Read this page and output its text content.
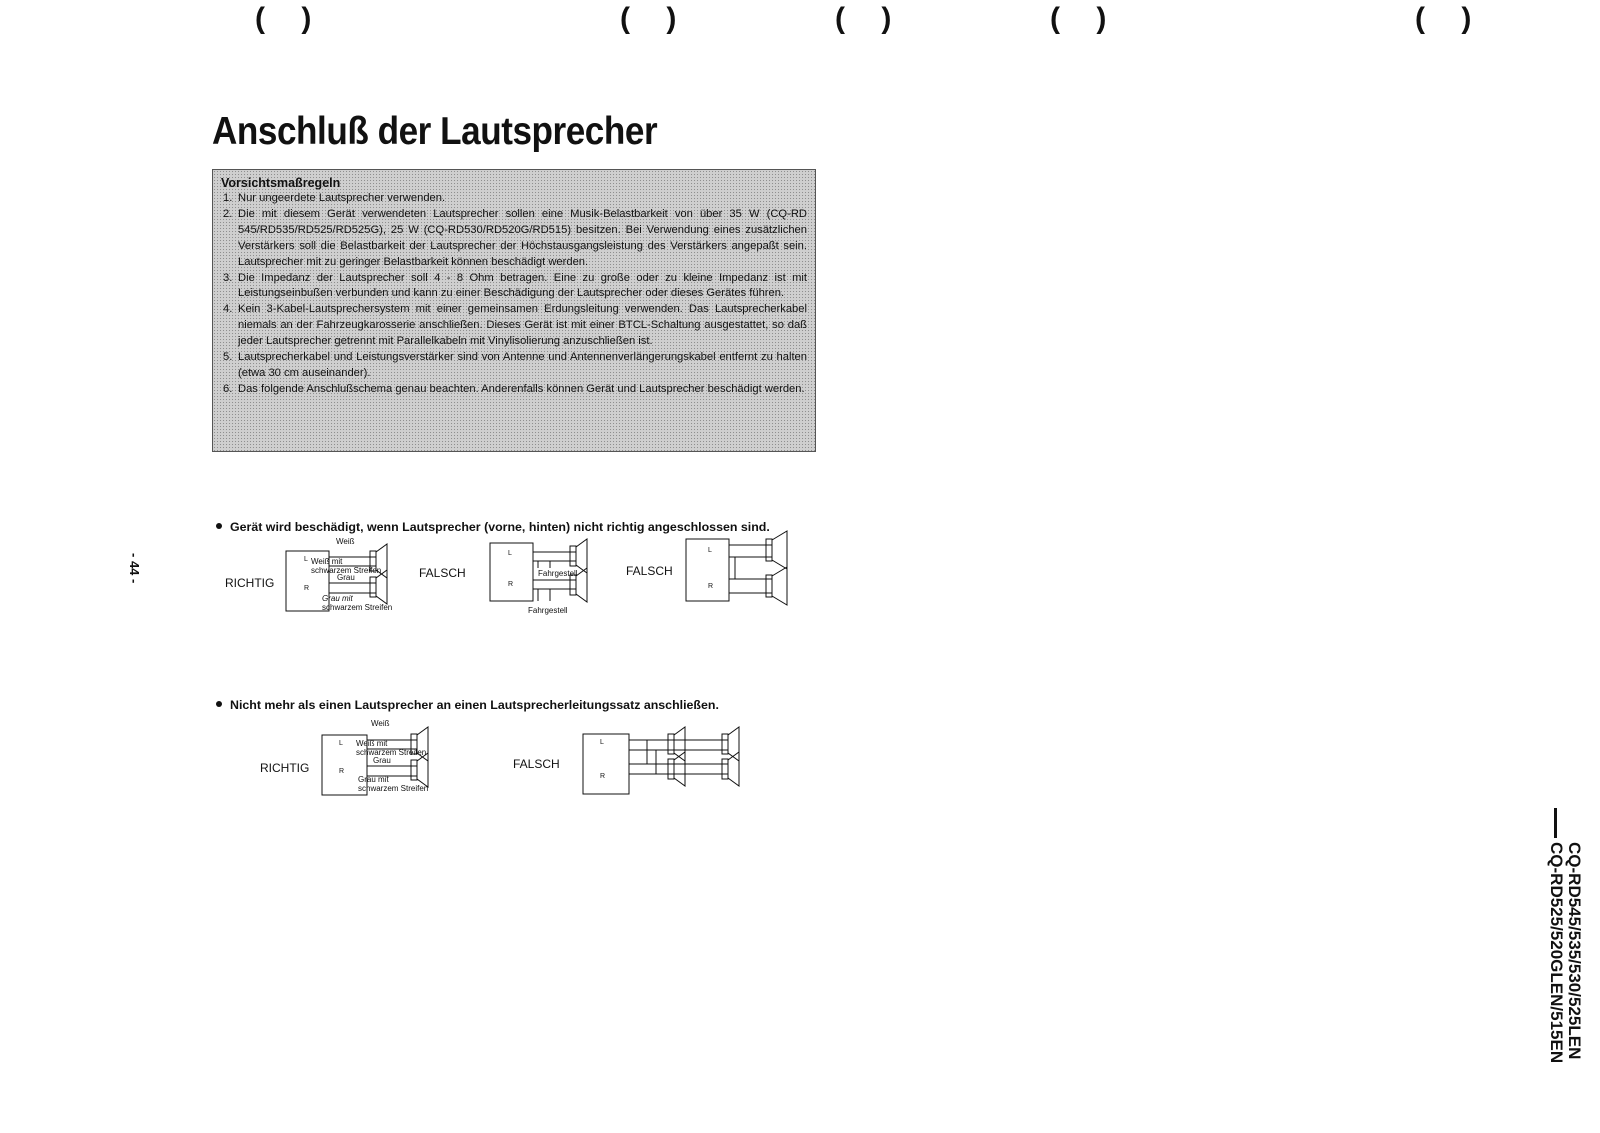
( )	( )	( )	( )	( )
Anschluß der Lautsprecher
Vorsichtsmaßregeln
Nur ungeerdete Lautsprecher verwenden.
Die mit diesem Gerät verwendeten Lautsprecher sollen eine Musik-Belastbarkeit von über 35 W (CQ-RD 545/RD535/RD525/RD525G), 25 W (CQ-RD530/RD520G/RD515) besitzen. Bei Verwendung eines zusätzlichen Verstärkers soll die Belastbarkeit der Lautsprecher der Höchstausgangsleistung des Verstärkers angepaßt sein. Lautsprecher mit zu geringer Belastbarkeit können beschädigt werden.
Die Impedanz der Lautsprecher soll 4 - 8 Ohm betragen. Eine zu große oder zu kleine Impedanz ist mit Leistungseinbußen verbunden und kann zu einer Beschädigung der Lautsprecher oder dieses Gerätes führen.
Kein 3-Kabel-Lautsprechersystem mit einer gemeinsamen Erdungsleitung verwenden. Das Lautsprecherkabel niemals an der Fahrzeugkarosserie anschließen. Dieses Gerät ist mit einer BTCL-Schaltung ausgestattet, so daß jeder Lautsprecher getrennt mit Parallelkabeln mit Vinylisolierung anzuschließen ist.
Lautsprecherkabel und Leistungsverstärker sind von Antenne und Antennenverlängerungskabel entfernt zu halten (etwa 30 cm auseinander).
Das folgende Anschlußschema genau beachten. Anderenfalls können Gerät und Lautsprecher beschädigt werden.

Gerät wird beschädigt, wenn Lautsprecher (vorne, hinten) nicht richtig angeschlossen sind.

RICHTIG
L
R
Weiß
Weiß mit
schwarzem Streifen
Grau
Grau mit
schwarzem Streifen
FALSCH
L
R
Fahrgestell
Fahrgestell
FALSCH
L
R

Nicht mehr als einen Lautsprecher an einen Lautsprecherleitungssatz anschließen.

RICHTIG
L
R
Weiß
Weiß mit
schwarzem Streifen
Grau
Grau mit
schwarzem Streifen
FALSCH
L
R
- 44 -
CQ-RD545/535/530/525LEN
CQ-RD525/520GLEN/515EN
